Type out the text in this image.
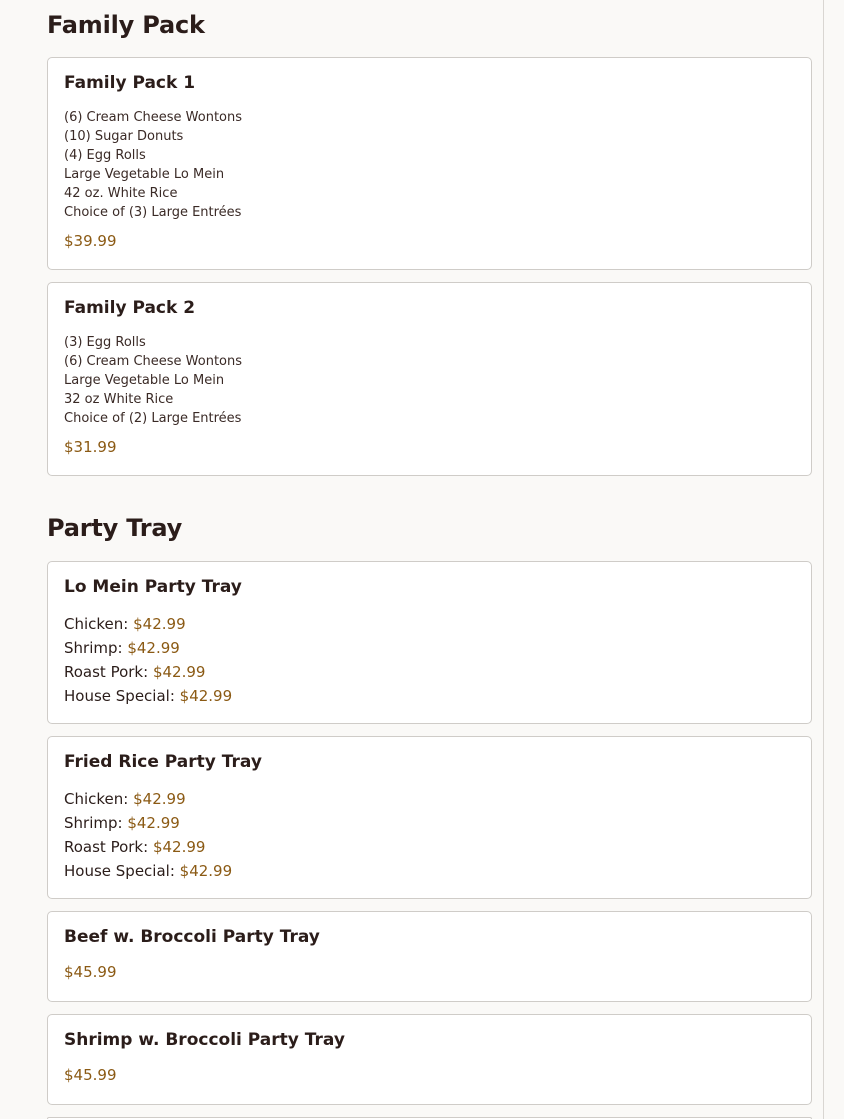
Family Pack
Family Pack 1
(6) Cream Cheese Wontons
(10) Sugar Donuts
(4) Egg Rolls
Large Vegetable Lo Mein
42 oz. White Rice
Choice of (3) Large Entrées
$39.99
Family Pack 2
(3) Egg Rolls
(6) Cream Cheese Wontons
Large Vegetable Lo Mein
32 oz White Rice
Choice of (2) Large Entrées
$31.99
Party Tray
Lo Mein Party Tray
Chicken: $42.99
Shrimp: $42.99
Roast Pork: $42.99
House Special: $42.99
Fried Rice Party Tray
Chicken: $42.99
Shrimp: $42.99
Roast Pork: $42.99
House Special: $42.99
Beef w. Broccoli Party Tray
$45.99
Shrimp w. Broccoli Party Tray
$45.99
